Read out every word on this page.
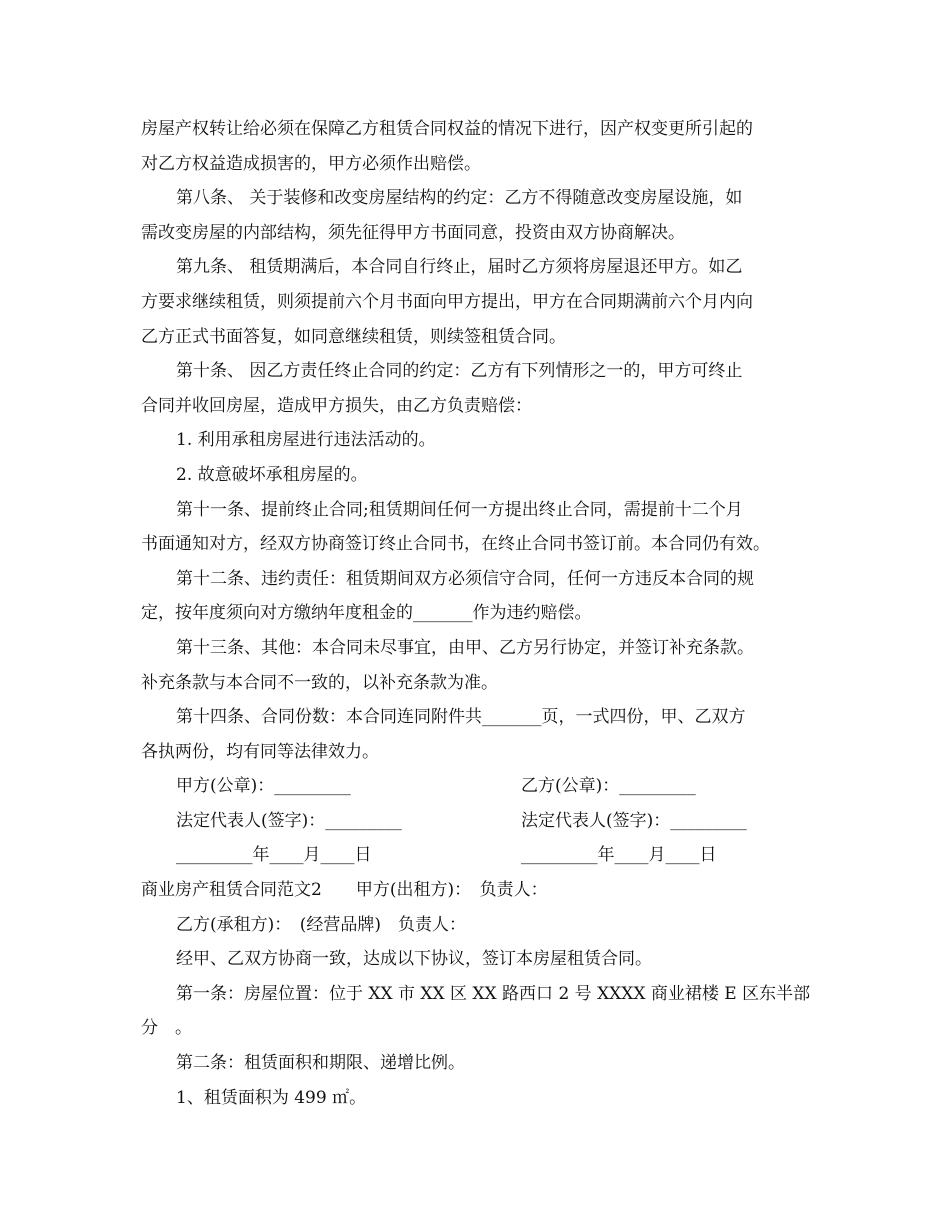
房屋产权转让给必须在保障乙方租赁合同权益的情况下进行，因产权变更所引起的
对乙方权益造成损害的，甲方必须作出赔偿。
第八条、 关于装修和改变房屋结构的约定：乙方不得随意改变房屋设施，如
需改变房屋的内部结构，须先征得甲方书面同意，投资由双方协商解决。
第九条、 租赁期满后，本合同自行终止，届时乙方须将房屋退还甲方。如乙
方要求继续租赁，则须提前六个月书面向甲方提出，甲方在合同期满前六个月内向
乙方正式书面答复，如同意继续租赁，则续签租赁合同。
第十条、 因乙方责任终止合同的约定：乙方有下列情形之一的，甲方可终止
合同并收回房屋，造成甲方损失，由乙方负责赔偿：
1. 利用承租房屋进行违法活动的。
2. 故意破坏承租房屋的。
第十一条、提前终止合同;租赁期间任何一方提出终止合同，需提前十二个月
书面通知对方，经双方协商签订终止合同书，在终止合同书签订前。本合同仍有效。
第十二条、违约责任：租赁期间双方必须信守合同，任何一方违反本合同的规
定，按年度须向对方缴纳年度租金的_______作为违约赔偿。
第十三条、其他：本合同未尽事宜，由甲、乙方另行协定，并签订补充条款。
补充条款与本合同不一致的，以补充条款为准。
第十四条、合同份数：本合同连同附件共_______页，一式四份，甲、乙双方
各执两份，均有同等法律效力。
甲方(公章)：_________	乙方(公章)：_________
法定代表人(签字)：_________	法定代表人(签字)：_________
_________年____月____日	_________年____月____日
商业房产租赁合同范文2　　甲方(出租方)：　负责人：
乙方(承租方)：　(经营品牌)　负责人：
经甲、乙双方协商一致，达成以下协议，签订本房屋租赁合同。
第一条：房屋位置：位于 XX 市 XX 区 XX 路西口 2 号 XXXX 商业裙楼 E 区东半部
分　。
第二条：租赁面积和期限、递增比例。
1、租赁面积为 499 ㎡。
